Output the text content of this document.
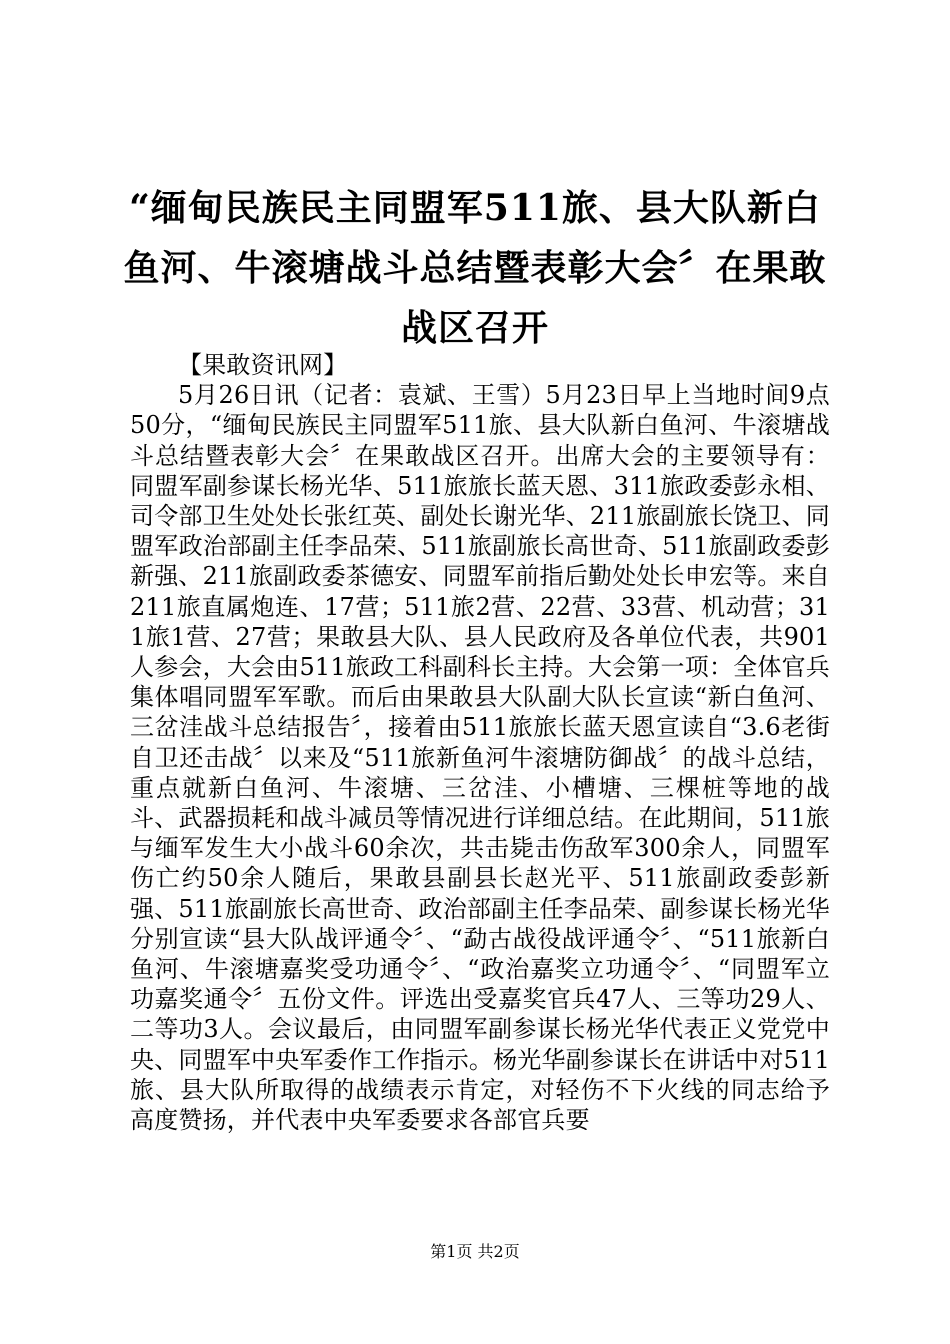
“缅甸民族民主同盟军511旅、县大队新白鱼河、牛滚塘战斗总结暨表彰大会〞在果敢战区召开

【果敢资讯网】

5月26日讯（记者：袁斌、王雪）5月23日早上当地时间9点50分，“缅甸民族民主同盟军511旅、县大队新白鱼河、牛滚塘战斗总结暨表彰大会〞在果敢战区召开。出席大会的主要领导有：同盟军副参谋长杨光华、511旅旅长蓝天恩、311旅政委彭永相、司令部卫生处处长张红英、副处长谢光华、211旅副旅长饶卫、同盟军政治部副主任李品荣、511旅副旅长高世奇、511旅副政委彭新强、211旅副政委茶德安、同盟军前指后勤处处长申宏等。来自211旅直属炮连、17营；511旅2营、22营、33营、机动营；311旅1营、27营；果敢县大队、县人民政府及各单位代表，共901人参会，大会由511旅政工科副科长主持。大会第一项：全体官兵集体唱同盟军军歌。而后由果敢县大队副大队长宣读“新白鱼河、三岔洼战斗总结报告〞，接着由511旅旅长蓝天恩宣读自“3.6老街自卫还击战〞以来及“511旅新鱼河牛滚塘防御战〞的战斗总结，重点就新白鱼河、牛滚塘、三岔洼、小槽塘、三棵桩等地的战斗、武器损耗和战斗减员等情况进行详细总结。在此期间，511旅与缅军发生大小战斗60余次，共击毙击伤敌军300余人，同盟军伤亡约50余人随后，果敢县副县长赵光平、511旅副政委彭新强、511旅副旅长高世奇、政治部副主任李品荣、副参谋长杨光华分别宣读“县大队战评通令〞、“勐古战役战评通令〞、“511旅新白鱼河、牛滚塘嘉奖受功通令〞、“政治嘉奖立功通令〞、“同盟军立功嘉奖通令〞五份文件。评选出受嘉奖官兵47人、三等功29人、二等功3人。会议最后，由同盟军副参谋长杨光华代表正义党党中央、同盟军中央军委作工作指示。杨光华副参谋长在讲话中对511旅、县大队所取得的战绩表示肯定，对轻伤不下火线的同志给予高度赞扬，并代表中央军委要求各部官兵要

第1页 共2页
